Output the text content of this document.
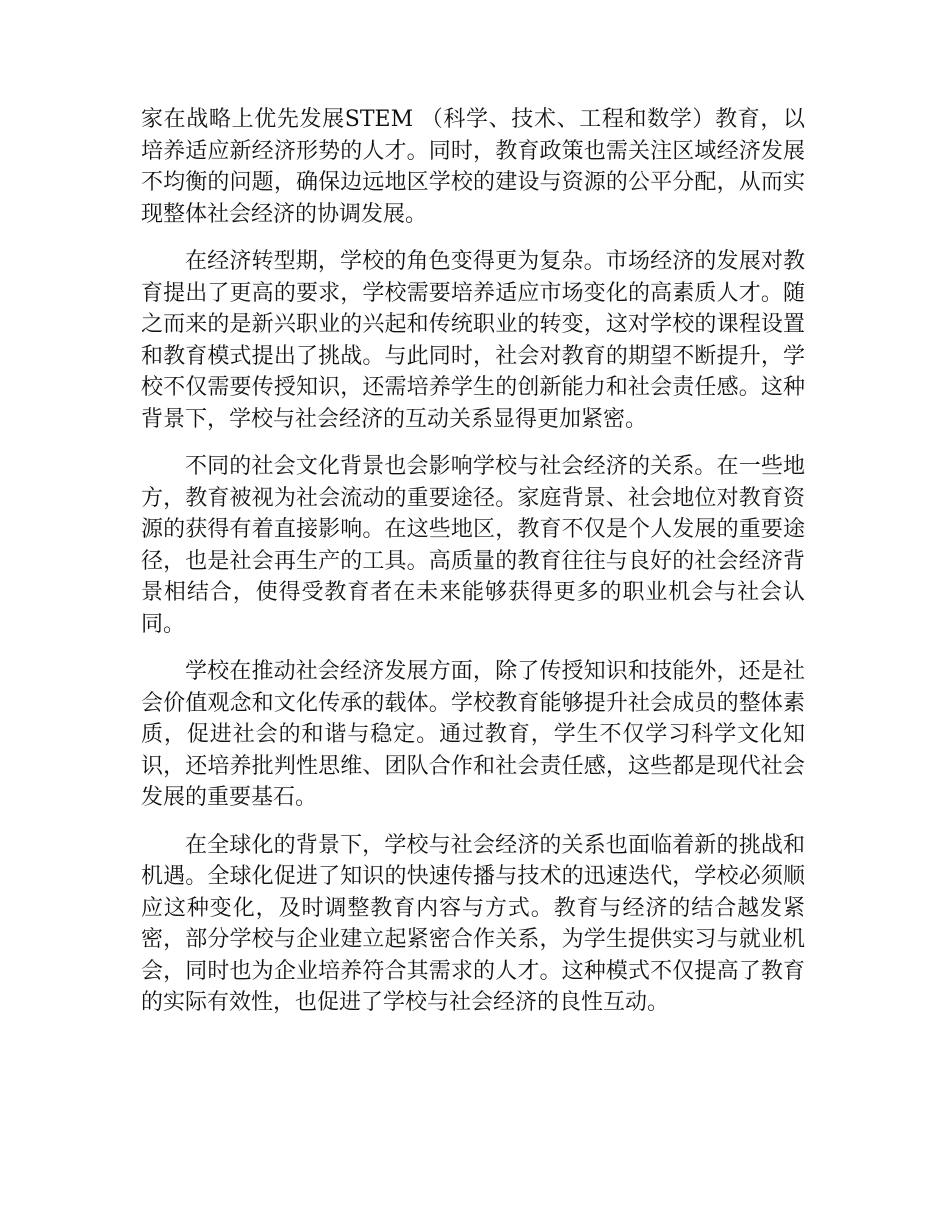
家在战略上优先发展STEM （科学、技术、工程和数学）教育，以培养适应新经济形势的人才。同时，教育政策也需关注区域经济发展不均衡的问题，确保边远地区学校的建设与资源的公平分配，从而实现整体社会经济的协调发展。

在经济转型期，学校的角色变得更为复杂。市场经济的发展对教育提出了更高的要求，学校需要培养适应市场变化的高素质人才。随之而来的是新兴职业的兴起和传统职业的转变，这对学校的课程设置和教育模式提出了挑战。与此同时，社会对教育的期望不断提升，学校不仅需要传授知识，还需培养学生的创新能力和社会责任感。这种背景下，学校与社会经济的互动关系显得更加紧密。

不同的社会文化背景也会影响学校与社会经济的关系。在一些地方，教育被视为社会流动的重要途径。家庭背景、社会地位对教育资源的获得有着直接影响。在这些地区，教育不仅是个人发展的重要途径，也是社会再生产的工具。高质量的教育往往与良好的社会经济背景相结合，使得受教育者在未来能够获得更多的职业机会与社会认同。

学校在推动社会经济发展方面，除了传授知识和技能外，还是社会价值观念和文化传承的载体。学校教育能够提升社会成员的整体素质，促进社会的和谐与稳定。通过教育，学生不仅学习科学文化知识，还培养批判性思维、团队合作和社会责任感，这些都是现代社会发展的重要基石。

在全球化的背景下，学校与社会经济的关系也面临着新的挑战和机遇。全球化促进了知识的快速传播与技术的迅速迭代，学校必须顺应这种变化，及时调整教育内容与方式。教育与经济的结合越发紧密，部分学校与企业建立起紧密合作关系，为学生提供实习与就业机会，同时也为企业培养符合其需求的人才。这种模式不仅提高了教育的实际有效性，也促进了学校与社会经济的良性互动。
